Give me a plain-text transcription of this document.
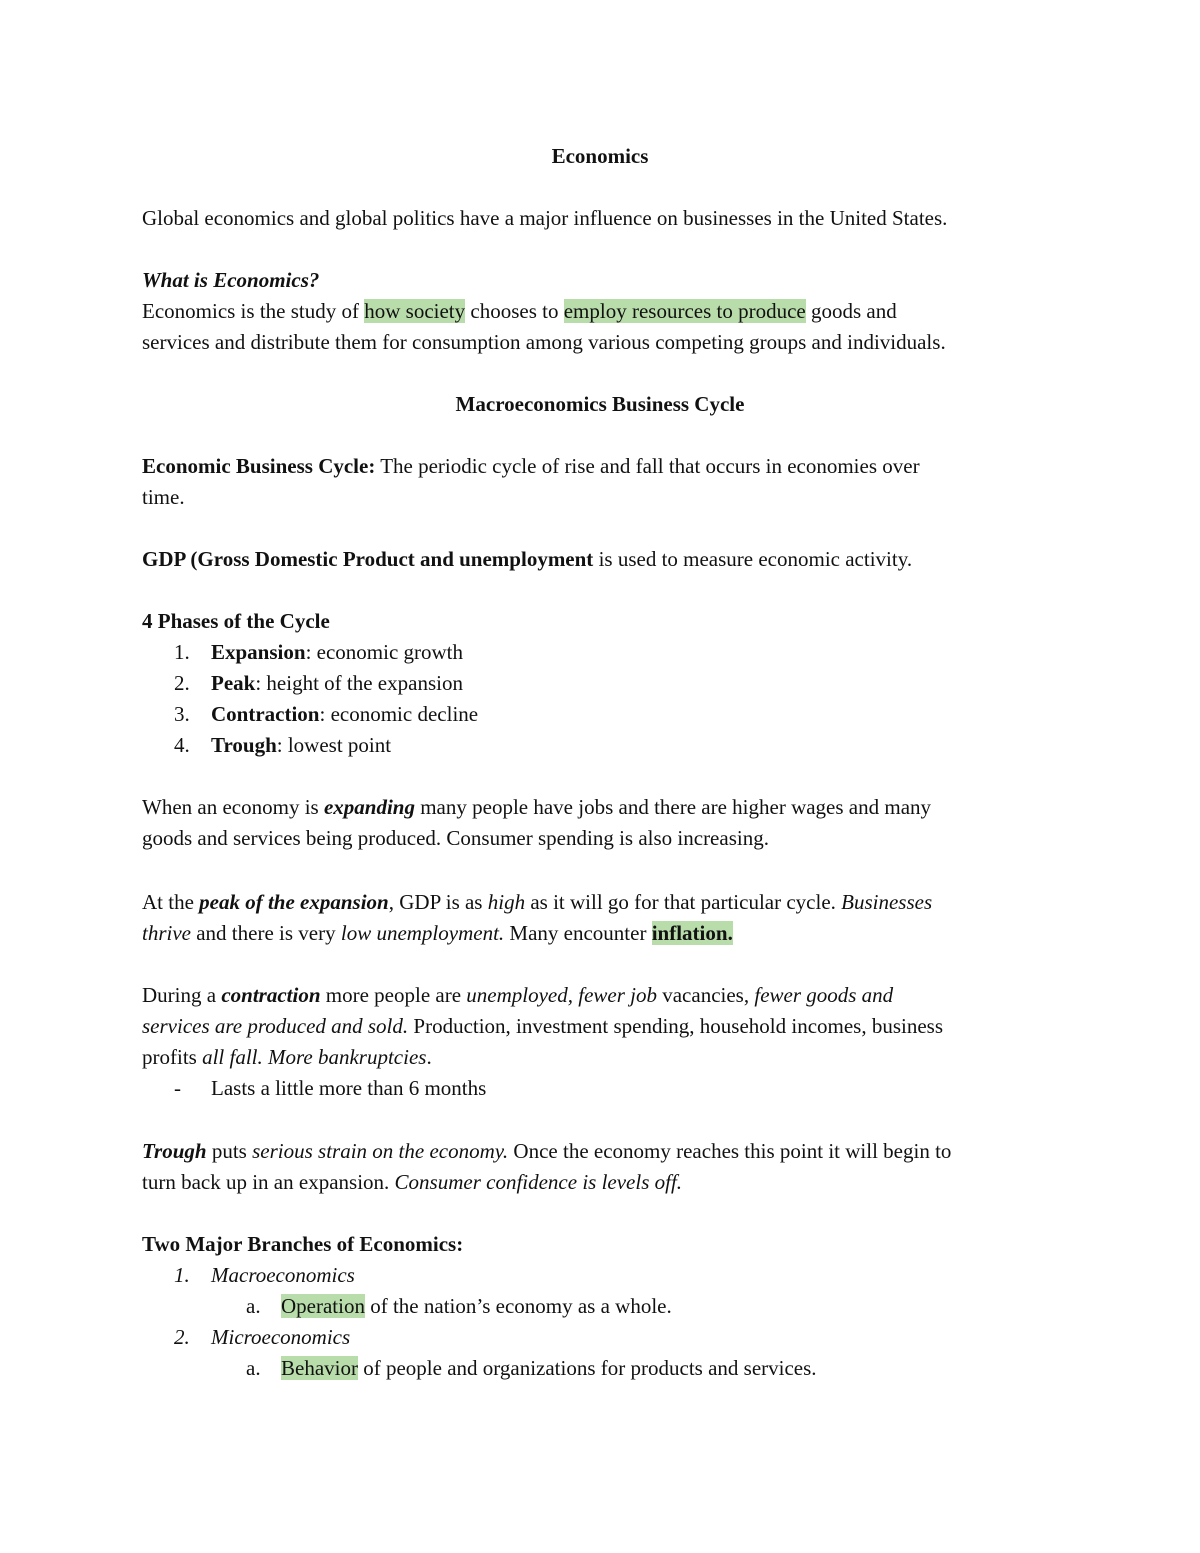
Economics
Global economics and global politics have a major influence on businesses in the United States.
What is Economics?
Economics is the study of how society chooses to employ resources to produce goods and
services and distribute them for consumption among various competing groups and individuals.
Macroeconomics Business Cycle
Economic Business Cycle: The periodic cycle of rise and fall that occurs in economies over
time.
GDP (Gross Domestic Product and unemployment is used to measure economic activity.
4 Phases of the Cycle
1. Expansion: economic growth
2. Peak: height of the expansion
3. Contraction: economic decline
4. Trough: lowest point
When an economy is expanding many people have jobs and there are higher wages and many
goods and services being produced. Consumer spending is also increasing.
At the peak of the expansion, GDP is as high as it will go for that particular cycle. Businesses
thrive and there is very low unemployment. Many encounter inflation.
During a contraction more people are unemployed, fewer job vacancies, fewer goods and
services are produced and sold. Production, investment spending, household incomes, business
profits all fall. More bankruptcies.
- Lasts a little more than 6 months
Trough puts serious strain on the economy. Once the economy reaches this point it will begin to
turn back up in an expansion. Consumer confidence is levels off.
Two Major Branches of Economics:
1. Macroeconomics
a. Operation of the nation’s economy as a whole.
2. Microeconomics
a. Behavior of people and organizations for products and services.
